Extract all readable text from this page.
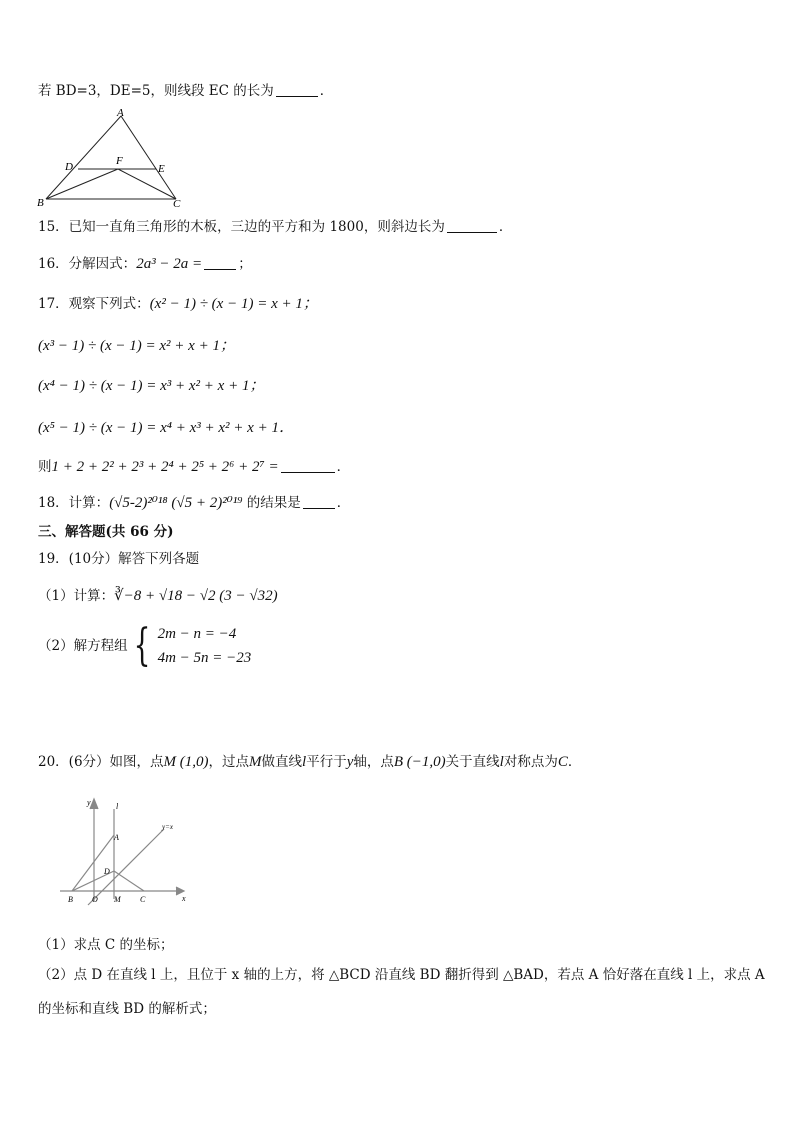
若 BD=3，DE=5，则线段 EC 的长为	．
A
D	F
E
B	C
15．已知一直角三角形的木板，三边的平方和为 1800，则斜边长为	．
16．分解因式：2a³ − 2a =	；
17．观察下列式：(x² − 1) ÷ (x − 1) = x + 1；
(x³ − 1) ÷ (x − 1) = x² + x + 1；
(x⁴ − 1) ÷ (x − 1) = x³ + x² + x + 1；
(x⁵ − 1) ÷ (x − 1) = x⁴ + x³ + x² + x + 1．
则1 + 2 + 2² + 2³ + 2⁴ + 2⁵ + 2⁶ + 2⁷ =	．
18．计算：(√5-2)²⁰¹⁸ (√5 + 2)²⁰¹⁹ 的结果是	．
三、解答题(共 66 分)
19．(10分）解答下列各题
（1）计算：∛−8 + √18 − √2 (3 − √32)
（2）解方程组 { 2m − n = −4
4m − 5n = −23
20．(6分）如图，点M (1,0)，过点M做直线l平行于y轴，点B (−1,0)关于直线l对称点为C．
y	l
y=x
A
D
B O M C	x
（1）求点 C 的坐标；
（2）点 D 在直线 l 上，且位于 x 轴的上方，将 △BCD 沿直线 BD 翻折得到 △BAD，若点 A 恰好落在直线 l 上，求点 A
的坐标和直线 BD 的解析式；
